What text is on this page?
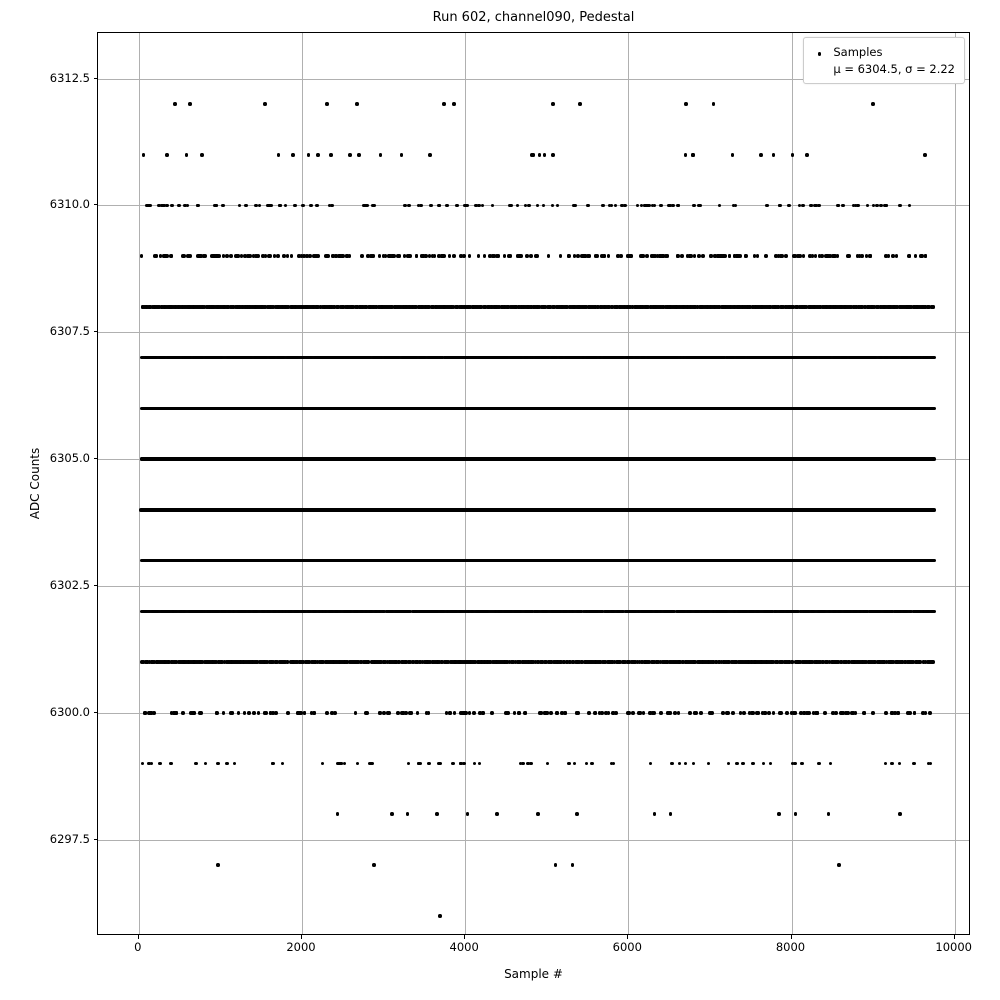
Run 602, channel090, Pedestal
ADC Counts
Sample #
Samples
μ = 6304.5, σ = 2.22
0	2000	4000	6000	8000	10000
6297.5
6300.0
6302.5
6305.0
6307.5
6310.0
6312.5
